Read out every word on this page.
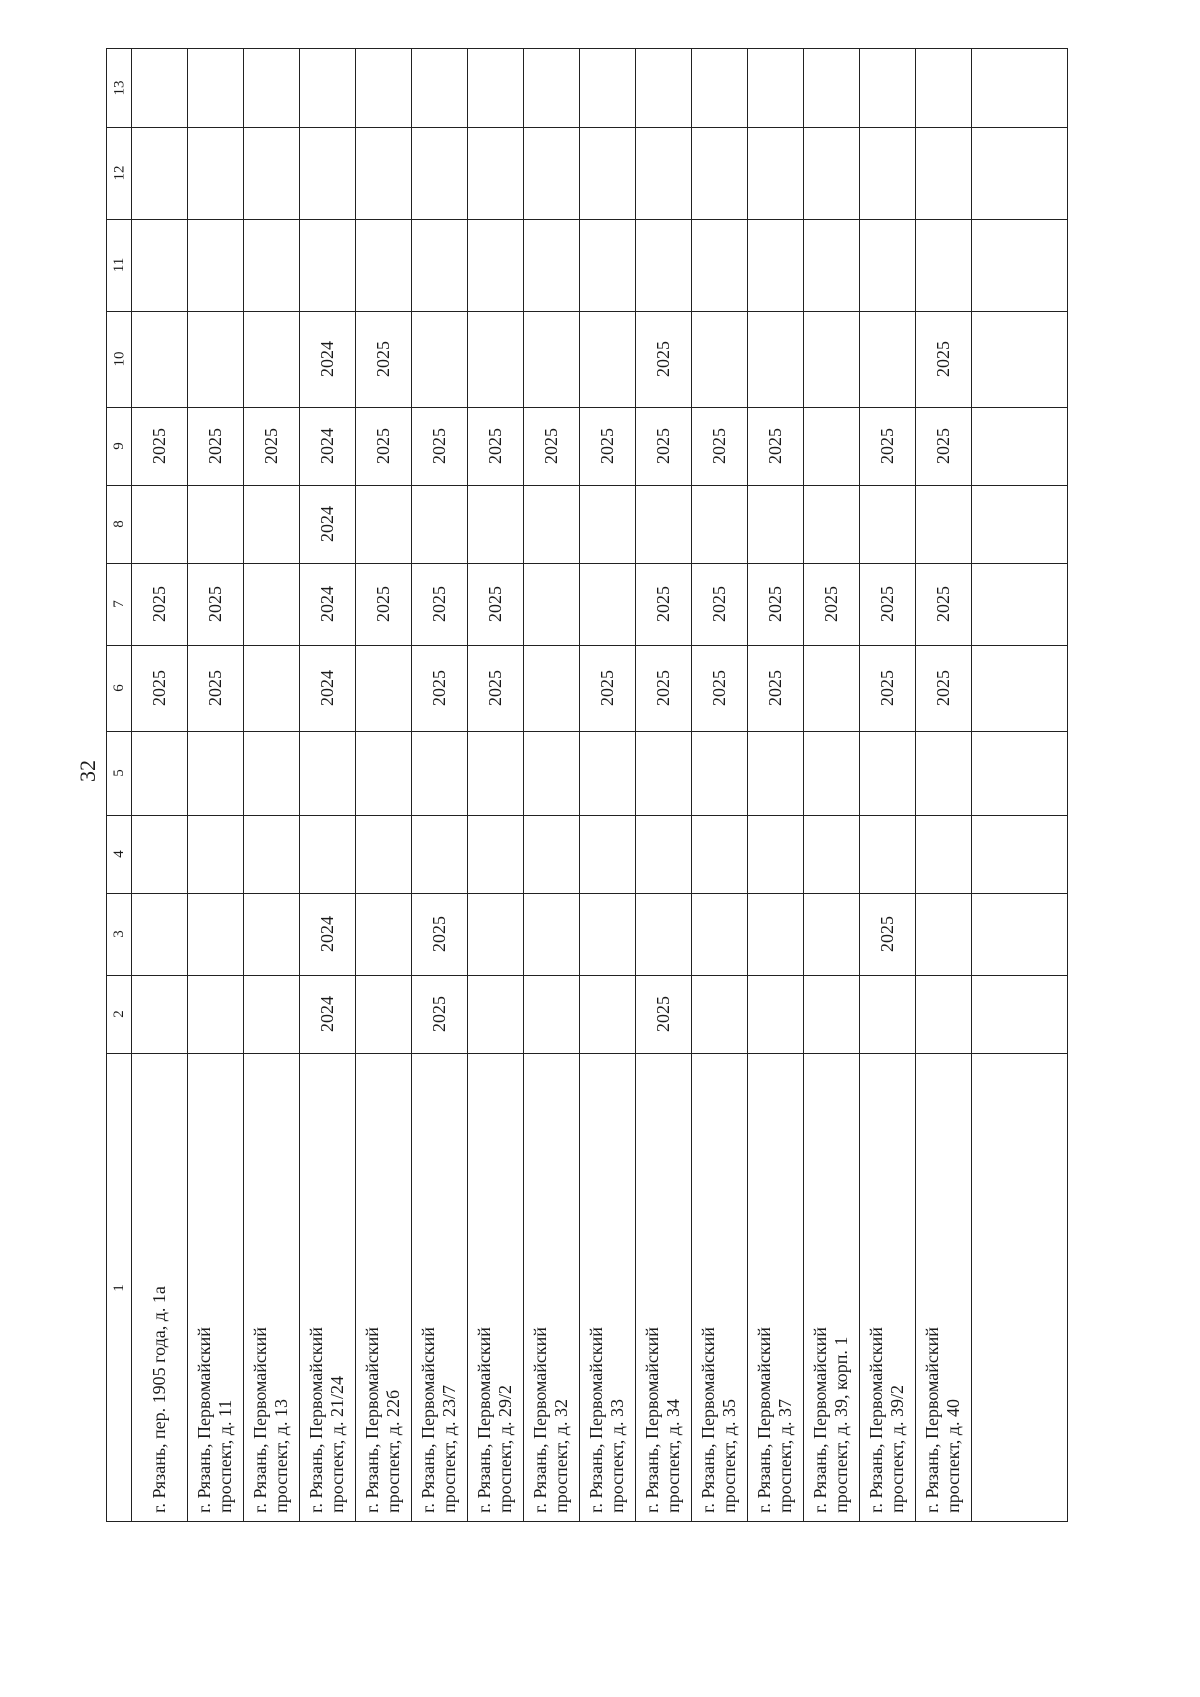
32
13
12
11
10
9
8
7
6
5
4
3
2
1 г. Рязань, пер. 1905 года, д. 1а
2025
2025
2025
г. Рязань, Первомайский проспект, д. 11
2025
2025
2025
г. Рязань, Первомайский проспект, д. 13
2025
г. Рязань, Первомайский проспект, д. 21/24
2024
2024
2024
2024
2024
2024
2024
г. Рязань, Первомайский проспект, д. 22б
2025
2025
2025
г. Рязань, Первомайский проспект, д. 23/7
2025
2025
2025
2025
2025
г. Рязань, Первомайский проспект, д. 29/2
2025
2025
2025
г. Рязань, Первомайский проспект, д. 32
2025
г. Рязань, Первомайский проспект, д. 33
2025
2025
г. Рязань, Первомайский проспект, д. 34
2025
2025
2025
2025
2025
г. Рязань, Первомайский проспект, д. 35
2025
2025
2025
г. Рязань, Первомайский проспект, д. 37
2025
2025
2025
г. Рязань, Первомайский проспект, д. 39, корп. 1
2025
г. Рязань, Первомайский проспект, д. 39/2
2025
2025
2025
2025
г. Рязань, Первомайский проспект, д. 40
2025
2025
2025
2025
